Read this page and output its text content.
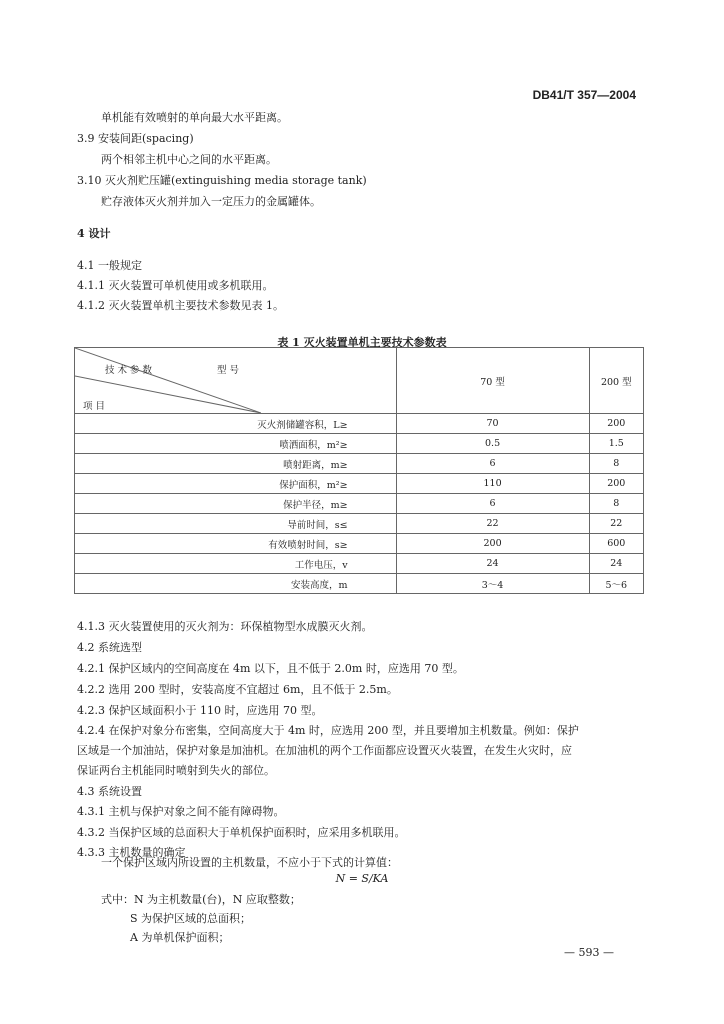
DB41/T 357—2004
单机能有效喷射的单向最大水平距离。
3.9 安装间距(spacing)
两个相邻主机中心之间的水平距离。
3.10 灭火剂贮压罐(extinguishing media storage tank)
贮存液体灭火剂并加入一定压力的金属罐体。
4 设计
4.1 一般规定
4.1.1 灭火装置可单机使用或多机联用。
4.1.2 灭火装置单机主要技术参数见表 1。
表 1 灭火装置单机主要技术参数表
技 术 参 数 型 号
项 目	70 型	200 型
灭火剂储罐容积，L≥	70	200
喷洒面积，m²≥	0.5	1.5
喷射距离，m≥	6	8
保护面积，m²≥	110	200
保护半径，m≥	6	8
导前时间，s≤	22	22
有效喷射时间，s≥	200	600
工作电压，v	24	24
安装高度，m	3～4	5～6
4.1.3 灭火装置使用的灭火剂为：环保植物型水成膜灭火剂。
4.2 系统选型
4.2.1 保护区域内的空间高度在 4m 以下，且不低于 2.0m 时，应选用 70 型。
4.2.2 选用 200 型时，安装高度不宜超过 6m，且不低于 2.5m。
4.2.3 保护区域面积小于 110 时，应选用 70 型。
4.2.4 在保护对象分布密集，空间高度大于 4m 时，应选用 200 型，并且要增加主机数量。例如：保护
区域是一个加油站，保护对象是加油机。在加油机的两个工作面都应设置灭火装置，在发生火灾时，应
保证两台主机能同时喷射到失火的部位。
4.3 系统设置
4.3.1 主机与保护对象之间不能有障碍物。
4.3.2 当保护区域的总面积大于单机保护面积时，应采用多机联用。
4.3.3 主机数量的确定
一个保护区域内所设置的主机数量，不应小于下式的计算值：
N = S/KA
式中：N 为主机数量(台)，N 应取整数；
S 为保护区域的总面积；
A 为单机保护面积；
— 593 —
